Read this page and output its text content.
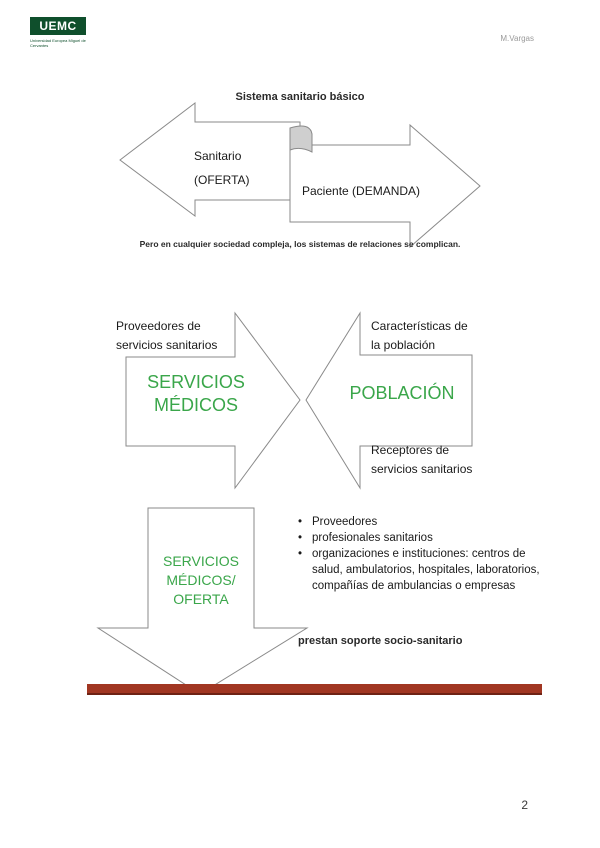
UEMC
Universidad Europea Miguel de Cervantes
M.Vargas
Sistema sanitario básico
Sanitario
(OFERTA)
Paciente (DEMANDA)
Pero en cualquier sociedad compleja, los sistemas de relaciones se complican.
Proveedores de
servicios sanitarios
SERVICIOS
MÉDICOS
Características de
la población
POBLACIÓN
Receptores de
servicios sanitarios
SERVICIOS
MÉDICOS/
OFERTA
• Proveedores
• profesionales sanitarios
• organizaciones e instituciones: centros de salud, ambulatorios, hospitales, laboratorios, compañías de ambulancias o empresas
prestan soporte socio-sanitario
2
